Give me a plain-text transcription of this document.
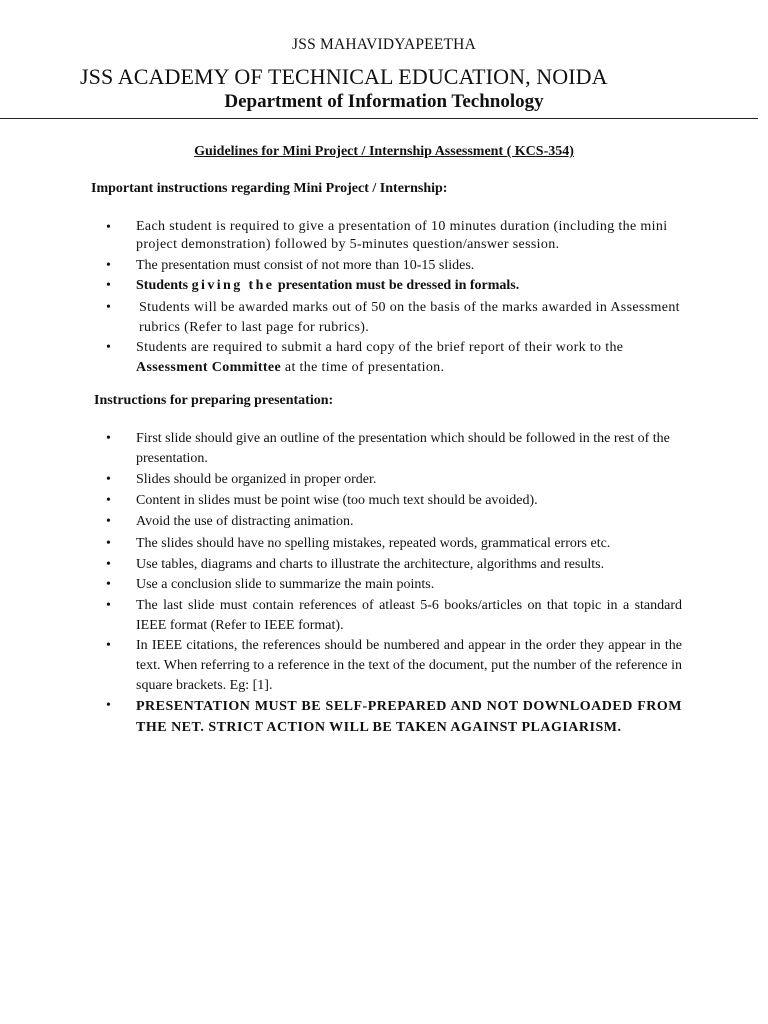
JSS MAHAVIDYAPEETHA
JSS ACADEMY OF TECHNICAL EDUCATION, NOIDA
Department of Information Technology
Guidelines for Mini Project / Internship Assessment ( KCS-354)
Important instructions regarding Mini Project / Internship:
• Each student is required to give a presentation of 10 minutes duration (including the mini project demonstration) followed by 5-minutes question/answer session.
• The presentation must consist of not more than 10-15 slides.
• Students giving the presentation must be dressed in formals.
• Students will be awarded marks out of 50 on the basis of the marks awarded in Assessment rubrics (Refer to last page for rubrics).
• Students are required to submit a hard copy of the brief report of their work to the Assessment Committee at the time of presentation.
Instructions for preparing presentation:
• First slide should give an outline of the presentation which should be followed in the rest of the presentation.
• Slides should be organized in proper order.
• Content in slides must be point wise (too much text should be avoided).
• Avoid the use of distracting animation.
• The slides should have no spelling mistakes, repeated words, grammatical errors etc.
• Use tables, diagrams and charts to illustrate the architecture, algorithms and results.
• Use a conclusion slide to summarize the main points.
• The last slide must contain references of atleast 5-6 books/articles on that topic in a standard IEEE format (Refer to IEEE format).
• In IEEE citations, the references should be numbered and appear in the order they appear in the text. When referring to a reference in the text of the document, put the number of the reference in square brackets. Eg: [1].
• PRESENTATION MUST BE SELF-PREPARED AND NOT DOWNLOADED FROM THE NET. STRICT ACTION WILL BE TAKEN AGAINST PLAGIARISM.
